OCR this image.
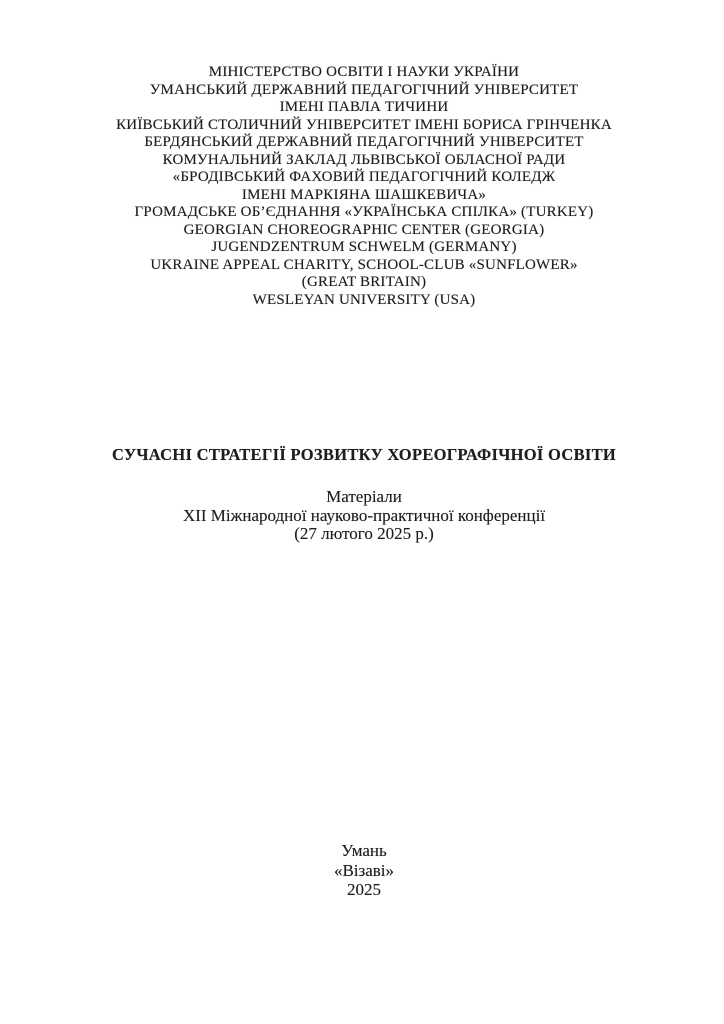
МІНІСТЕРСТВО ОСВІТИ І НАУКИ УКРАЇНИ
УМАНСЬКИЙ ДЕРЖАВНИЙ ПЕДАГОГІЧНИЙ УНІВЕРСИТЕТ
ІМЕНІ ПАВЛА ТИЧИНИ
КИЇВСЬКИЙ СТОЛИЧНИЙ УНІВЕРСИТЕТ ІМЕНІ БОРИСА ГРІНЧЕНКА
БЕРДЯНСЬКИЙ ДЕРЖАВНИЙ ПЕДАГОГІЧНИЙ УНІВЕРСИТЕТ
КОМУНАЛЬНИЙ ЗАКЛАД ЛЬВІВСЬКОЇ ОБЛАСНОЇ РАДИ
«БРОДІВСЬКИЙ ФАХОВИЙ ПЕДАГОГІЧНИЙ КОЛЕДЖ
ІМЕНІ МАРКІЯНА ШАШКЕВИЧА»
ГРОМАДСЬКЕ ОБ’ЄДНАННЯ «УКРАЇНСЬКА СПІЛКА» (TURKEY)
GEORGIAN CHOREOGRAPHIC CENTER (GEORGIA)
JUGENDZENTRUM SCHWELM (GERMANY)
UKRAINE APPEAL CHARITY, SCHOOL-CLUB «SUNFLOWER»
(GREAT BRITAIN)
WESLEYAN UNIVERSITY (USA)
СУЧАСНІ СТРАТЕГІЇ РОЗВИТКУ ХОРЕОГРАФІЧНОЇ ОСВІТИ
Матеріали
XII Міжнародної науково-практичної конференції
(27 лютого 2025 р.)
Умань
«Візаві»
2025
